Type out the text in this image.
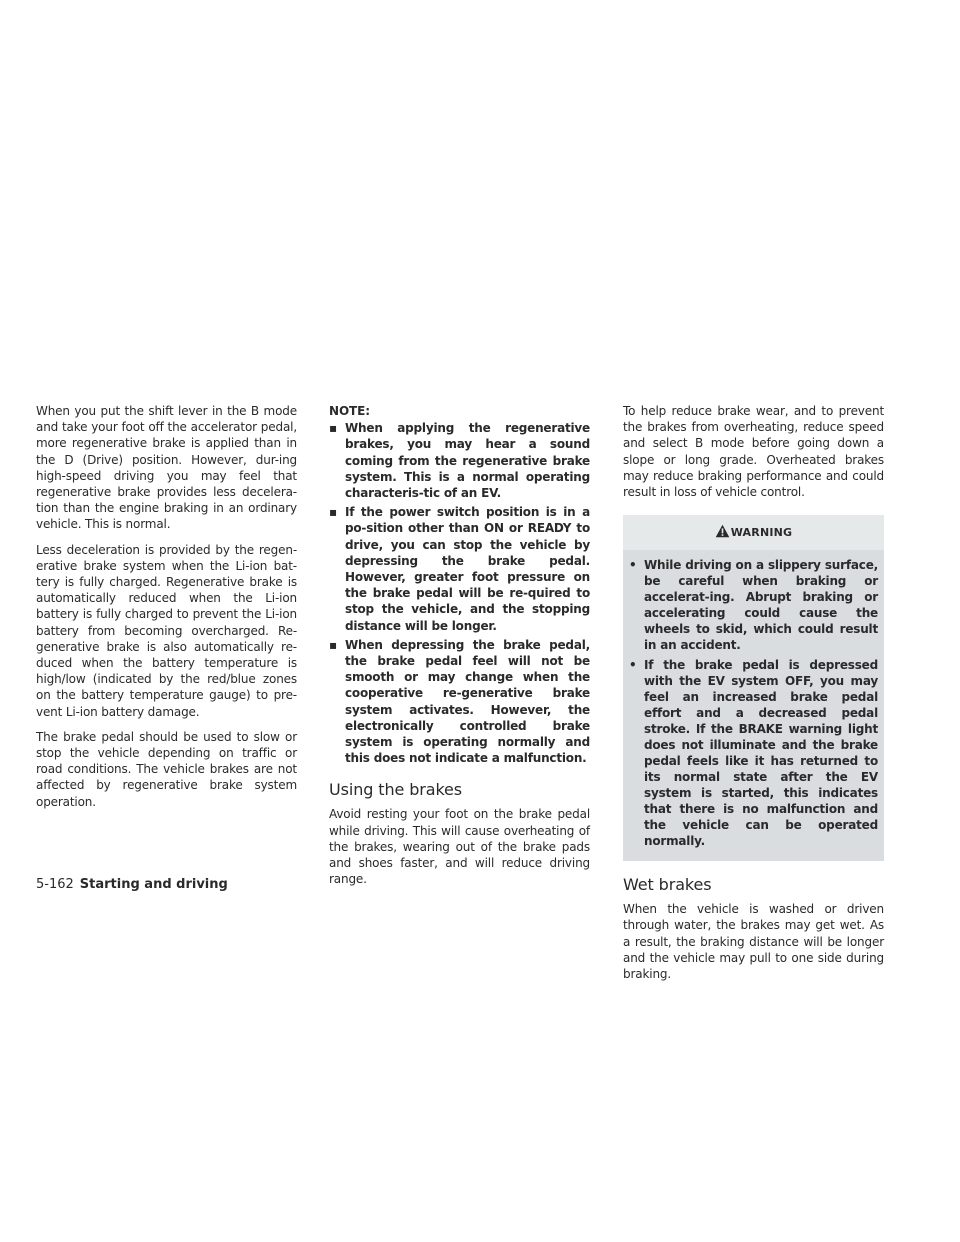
When you put the shift lever in the B mode and take your foot off the accelerator pedal, more regenerative brake is applied than in the D (Drive) position. However, dur-ing high-speed driving you may feel that regenerative brake provides less decelera-tion than the engine braking in an ordinary vehicle. This is normal.

Less deceleration is provided by the regen-erative brake system when the Li-ion bat-tery is fully charged. Regenerative brake is automatically reduced when the Li-ion battery is fully charged to prevent the Li-ion battery from becoming overcharged. Re-generative brake is also automatically re-duced when the battery temperature is high/low (indicated by the red/blue zones on the battery temperature gauge) to pre-vent Li-ion battery damage.

The brake pedal should be used to slow or stop the vehicle depending on traffic or road conditions. The vehicle brakes are not affected by regenerative brake system operation.

NOTE:
▪ When applying the regenerative brakes, you may hear a sound coming from the regenerative brake system. This is a normal operating characteris-tic of an EV.
▪ If the power switch position is in a po-sition other than ON or READY to drive, you can stop the vehicle by depressing the brake pedal. However, greater foot pressure on the brake pedal will be re-quired to stop the vehicle, and the stopping distance will be longer.
▪ When depressing the brake pedal, the brake pedal feel will not be smooth or may change when the cooperative re-generative brake system activates. However, the electronically controlled brake system is operating normally and this does not indicate a malfunction.
Using the brakes

Avoid resting your foot on the brake pedal while driving. This will cause overheating of the brakes, wearing out of the brake pads and shoes faster, and will reduce driving range.

To help reduce brake wear, and to prevent the brakes from overheating, reduce speed and select B mode before going down a slope or long grade. Overheated brakes may reduce braking performance and could result in loss of vehicle control.

WARNING
• While driving on a slippery surface, be careful when braking or accelerat-ing. Abrupt braking or accelerating could cause the wheels to skid, which could result in an accident.
• If the brake pedal is depressed with the EV system OFF, you may feel an increased brake pedal effort and a decreased pedal stroke. If the BRAKE warning light does not illuminate and the brake pedal feels like it has returned to its normal state after the EV system is started, this indicates that there is no malfunction and the vehicle can be operated normally.
Wet brakes

When the vehicle is washed or driven through water, the brakes may get wet. As a result, the braking distance will be longer and the vehicle may pull to one side during braking.

5-162 Starting and driving
